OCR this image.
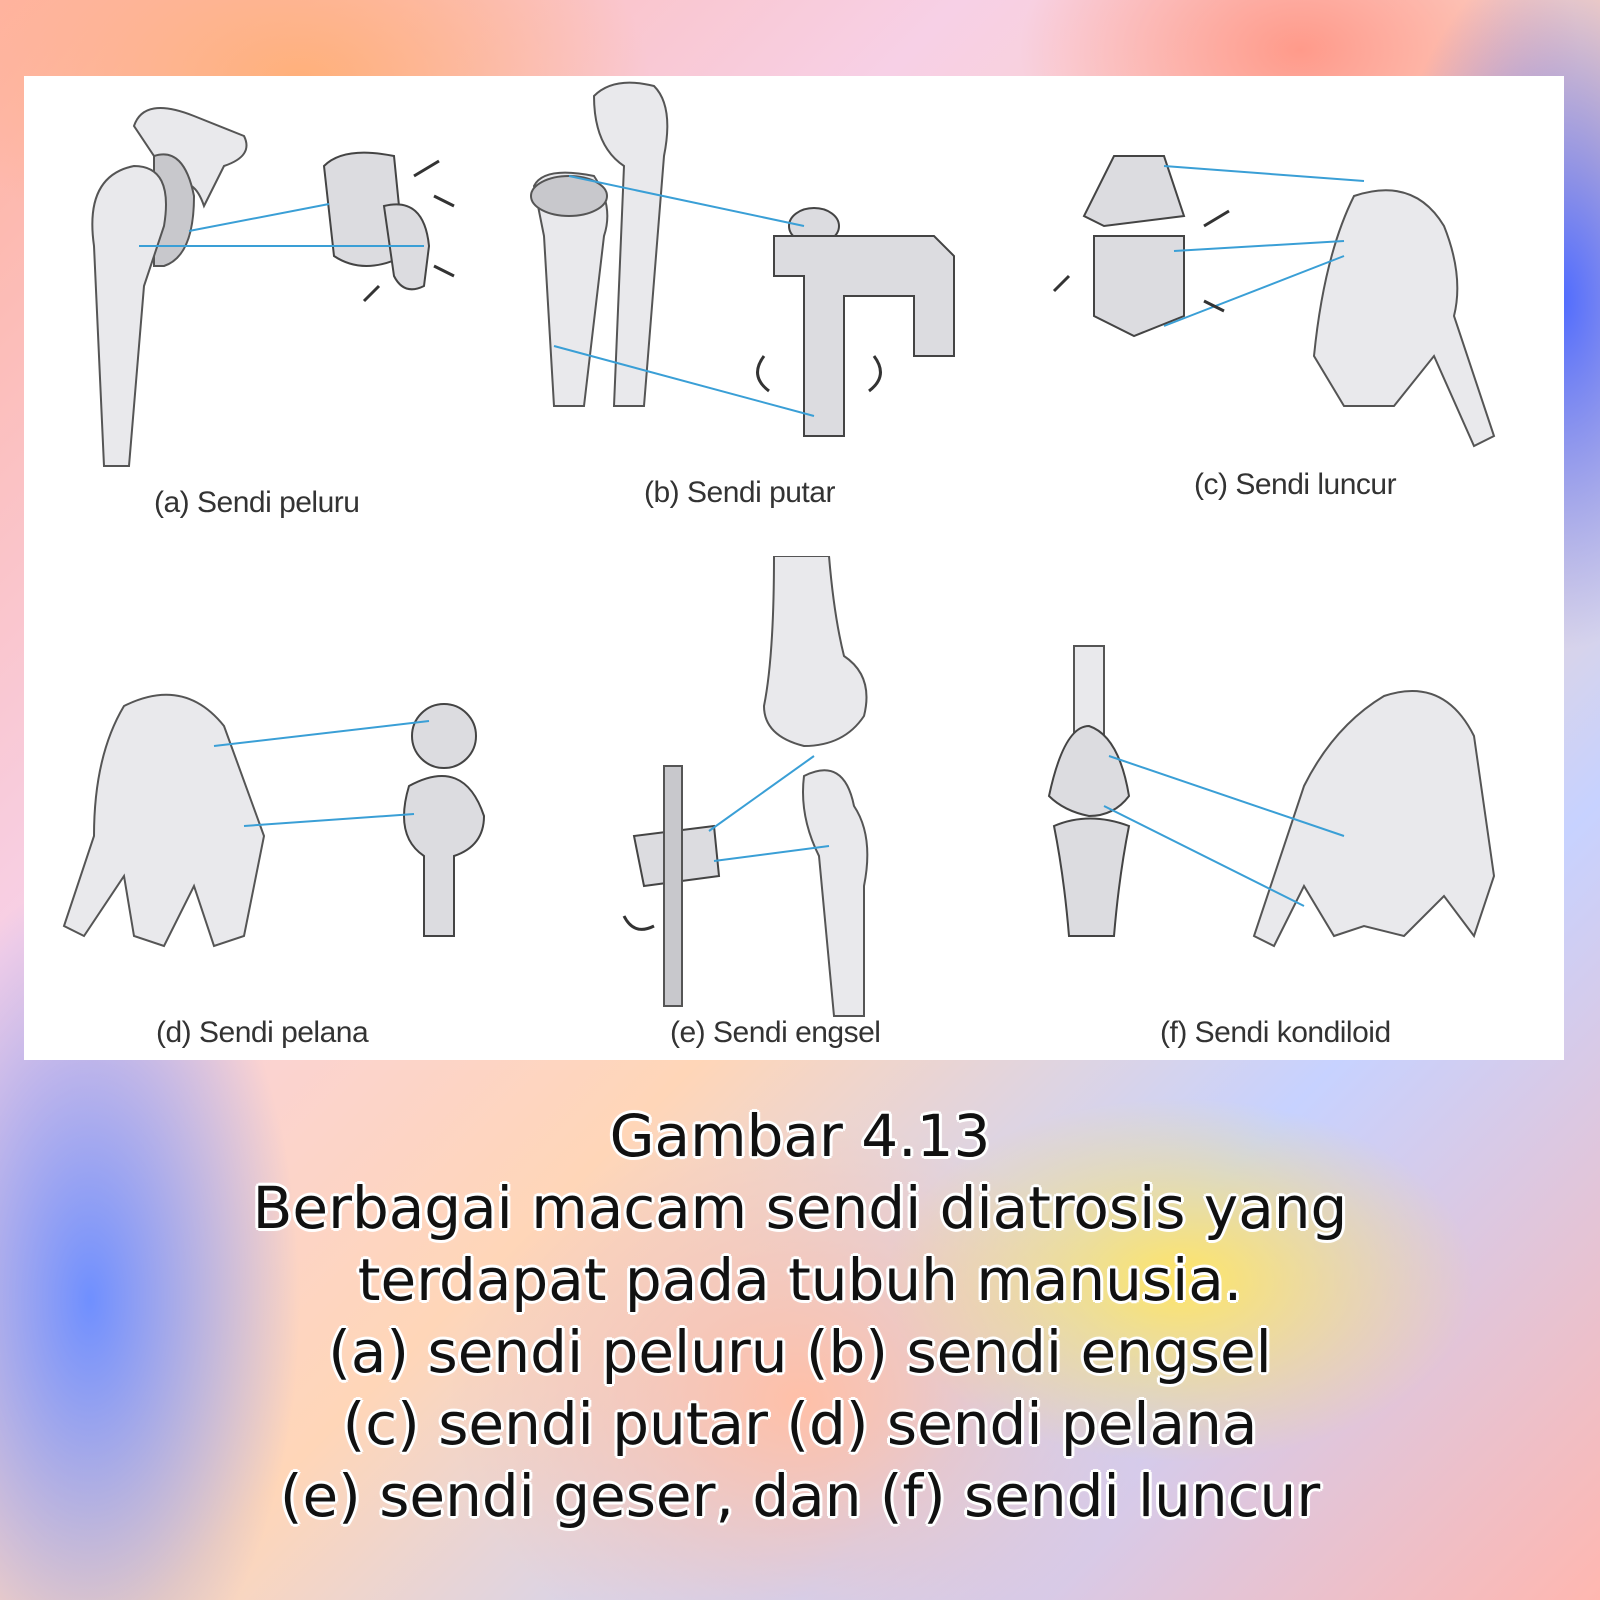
(a) Sendi peluru	(b) Sendi putar	(c) Sendi luncur
(d) Sendi pelana	(e) Sendi engsel	(f) Sendi kondiloid
Gambar 4.13
Berbagai macam sendi diatrosis yang
terdapat pada tubuh manusia.
(a) sendi peluru (b) sendi engsel
(c) sendi putar (d) sendi pelana
(e) sendi geser, dan (f) sendi luncur
